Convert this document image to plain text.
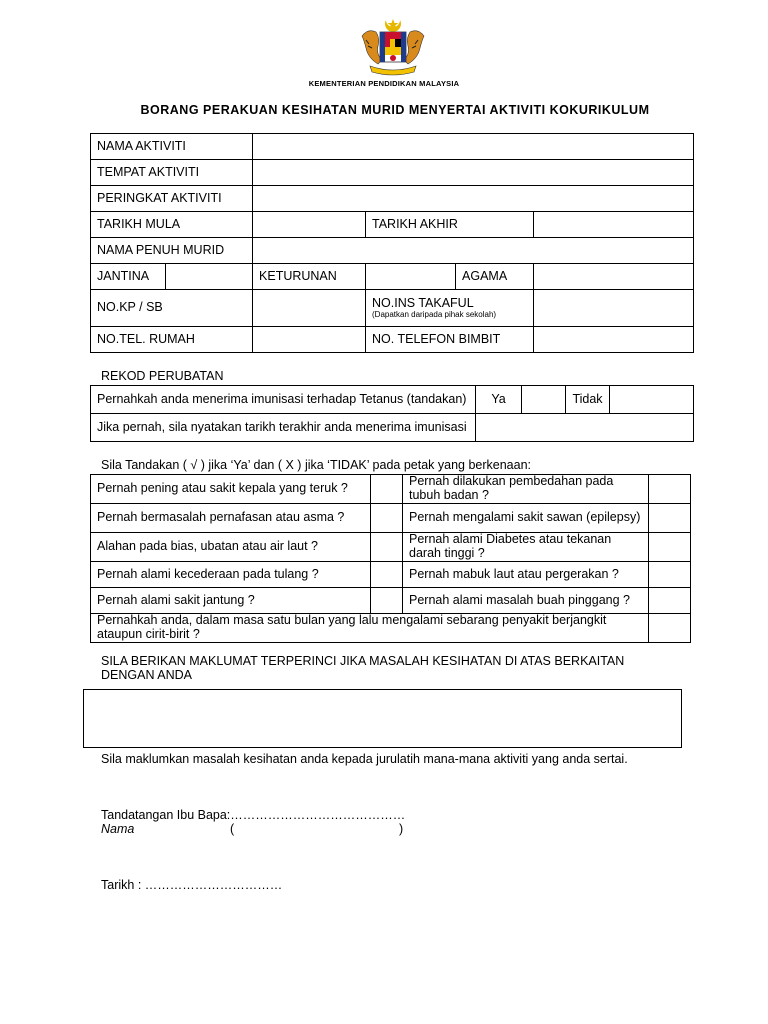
KEMENTERIAN PENDIDIKAN MALAYSIA
BORANG PERAKUAN KESIHATAN MURID MENYERTAI AKTIVITI KOKURIKULUM
NAMA AKTIVITI					
TEMPAT AKTIVITI					
PERINGKAT AKTIVITI					
TARIKH MULA			TARIKH AKHIR		
NAMA PENUH MURID					
JANTINA		KETURUNAN		AGAMA	
NO.KP / SB			NO.INS TAKAFUL
(Dapatkan daripada pihak sekolah)		

NO.TEL. RUMAH			NO. TELEFON BIMBIT		
REKOD PERUBATAN
Pernahkah anda menerima imunisasi terhadap Tetanus (tandakan)	Ya		Tidak	
Jika pernah, sila nyatakan tarikh terakhir anda menerima imunisasi				
Sila Tandakan ( √ ) jika ‘Ya’ dan ( X ) jika ‘TIDAK’ pada petak yang berkenaan:
Pernah pening atau sakit kepala yang teruk ?		Pernah dilakukan pembedahan pada tubuh badan ?	
Pernah bermasalah pernafasan atau asma ?		Pernah mengalami sakit sawan (epilepsy)	
Alahan pada bias, ubatan atau air laut ?		Pernah alami Diabetes atau tekanan darah tinggi ?	
Pernah alami kecederaan pada tulang ?		Pernah mabuk laut atau pergerakan ?	
Pernah alami sakit jantung ?		Pernah alami masalah buah pinggang ?	
Pernahkah anda, dalam masa satu bulan yang lalu mengalami sebarang penyakit berjangkit ataupun cirit-birit ?			
SILA BERIKAN MAKLUMAT TERPERINCI JIKA MASALAH KESIHATAN DI ATAS BERKAITAN DENGAN ANDA
Sila maklumkan masalah kesihatan anda kepada jurulatih mana-mana aktiviti yang anda sertai.
Tandatangan Ibu Bapa:……………………………………
Nama	(	)
Tarikh : ……………………………
